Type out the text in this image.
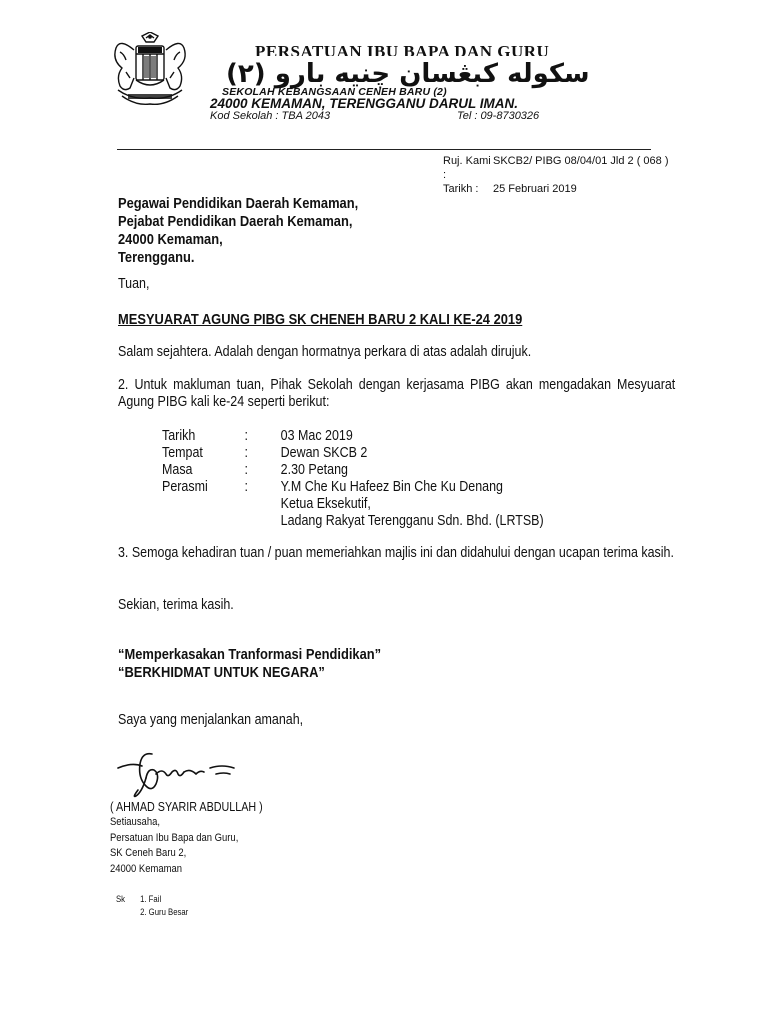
PERSATUAN IBU BAPA DAN GURU
سکوله کبڠسان چنيه بارو (٢)
SEKOLAH KEBANGSAAN CENEH BARU (2)
24000 KEMAMAN, TERENGGANU DARUL IMAN.
Kod Sekolah : TBA 2043	Tel : 09-8730326
Ruj. Kami :
SKCB2/ PIBG 08/04/01 Jld 2 ( 068 )
Tarikh :	25 Februari 2019
Pegawai Pendidikan Daerah Kemaman,
Pejabat Pendidikan Daerah Kemaman,
24000 Kemaman,
Terengganu.
Tuan,
MESYUARAT AGUNG PIBG SK CHENEH BARU 2 KALI KE-24 2019
Salam sejahtera. Adalah dengan hormatnya perkara di atas adalah dirujuk.
2. Untuk makluman tuan, Pihak Sekolah dengan kerjasama PIBG akan mengadakan Mesyuarat Agung PIBG kali ke-24 seperti berikut:
Tarikh	:	03 Mac 2019
Tempat	:	Dewan SKCB 2
Masa	:	2.30 Petang
Perasmi	:	Y.M Che Ku Hafeez Bin Che Ku Denang
Ketua Eksekutif,
Ladang Rakyat Terengganu Sdn. Bhd. (LRTSB)
3. Semoga kehadiran tuan / puan memeriahkan majlis ini dan didahului dengan ucapan terima kasih.
Sekian, terima kasih.
“Memperkasakan Tranformasi Pendidikan”
“BERKHIDMAT UNTUK NEGARA”
Saya yang menjalankan amanah,
( AHMAD SYARIR ABDULLAH )
Setiausaha,
Persatuan Ibu Bapa dan Guru,
SK Ceneh Baru 2,
24000 Kemaman
Sk 1. Fail
2. Guru Besar
